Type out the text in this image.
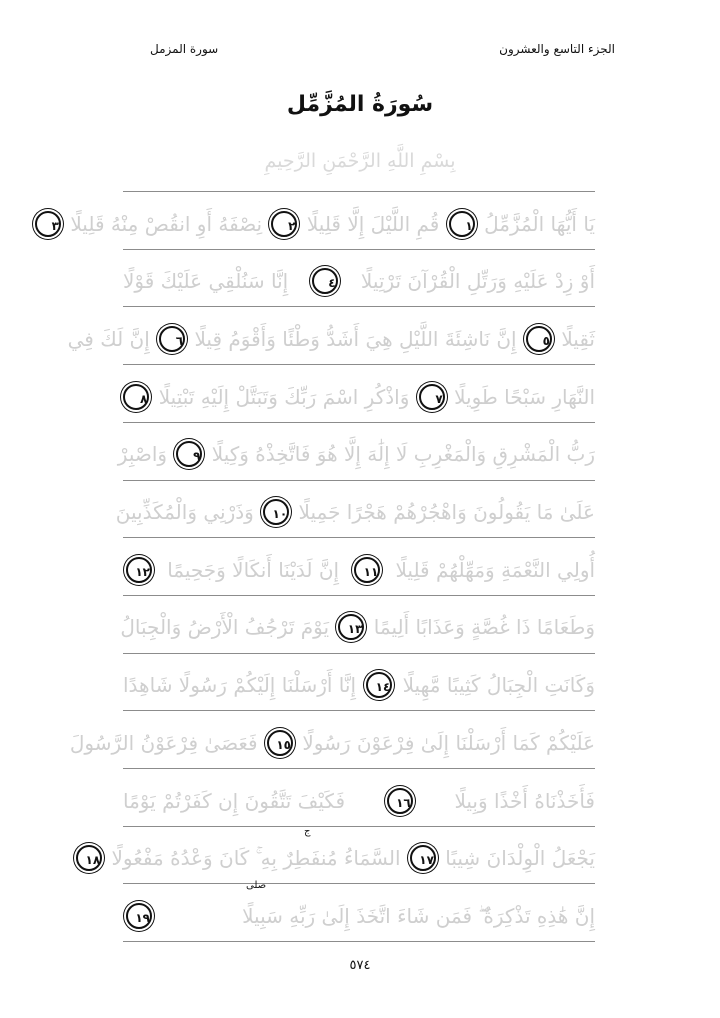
الجزء التاسع والعشرون
سورة المزمل
سُورَةُ المُزَّمِّل
بِسْمِ اللَّهِ الرَّحْمَنِ الرَّحِيمِ
يَا أَيُّهَا الْمُزَّمِّلُ ١ قُمِ اللَّيْلَ إِلَّا قَلِيلًا ٢ نِصْفَهُ أَوِ انقُصْ مِنْهُ قَلِيلًا ٣
أَوْ زِدْ عَلَيْهِ وَرَتِّلِ الْقُرْآنَ تَرْتِيلًا ٤ إِنَّا سَنُلْقِي عَلَيْكَ قَوْلًا
ثَقِيلًا ٥ إِنَّ نَاشِئَةَ اللَّيْلِ هِيَ أَشَدُّ وَطْئًا وَأَقْوَمُ قِيلًا ٦ إِنَّ لَكَ فِي
النَّهَارِ سَبْحًا طَوِيلًا ٧ وَاذْكُرِ اسْمَ رَبِّكَ وَتَبَتَّلْ إِلَيْهِ تَبْتِيلًا ٨
رَبُّ الْمَشْرِقِ وَالْمَغْرِبِ لَا إِلَٰهَ إِلَّا هُوَ فَاتَّخِذْهُ وَكِيلًا ٩ وَاصْبِرْ
عَلَىٰ مَا يَقُولُونَ وَاهْجُرْهُمْ هَجْرًا جَمِيلًا ١٠ وَذَرْنِي وَالْمُكَذِّبِينَ
أُولِي النَّعْمَةِ وَمَهِّلْهُمْ قَلِيلًا ١١ إِنَّ لَدَيْنَا أَنكَالًا وَجَحِيمًا ١٢
وَطَعَامًا ذَا غُصَّةٍ وَعَذَابًا أَلِيمًا ١٣ يَوْمَ تَرْجُفُ الْأَرْضُ وَالْجِبَالُ
وَكَانَتِ الْجِبَالُ كَثِيبًا مَّهِيلًا ١٤ إِنَّا أَرْسَلْنَا إِلَيْكُمْ رَسُولًا شَاهِدًا
عَلَيْكُمْ كَمَا أَرْسَلْنَا إِلَىٰ فِرْعَوْنَ رَسُولًا ١٥ فَعَصَىٰ فِرْعَوْنُ الرَّسُولَ
فَأَخَذْنَاهُ أَخْذًا وَبِيلًا ١٦ فَكَيْفَ تَتَّقُونَ إِن كَفَرْتُمْ يَوْمًا
يَجْعَلُ الْوِلْدَانَ شِيبًا ١٧ السَّمَاءُ مُنفَطِرٌ بِهِ ۚ كَانَ وَعْدُهُ مَفْعُولًا ١٨
إِنَّ هَٰذِهِ تَذْكِرَةٌ ۖ فَمَن شَاءَ اتَّخَذَ إِلَىٰ رَبِّهِ سَبِيلًا ١٩
ج
صلى
٥٧٤
